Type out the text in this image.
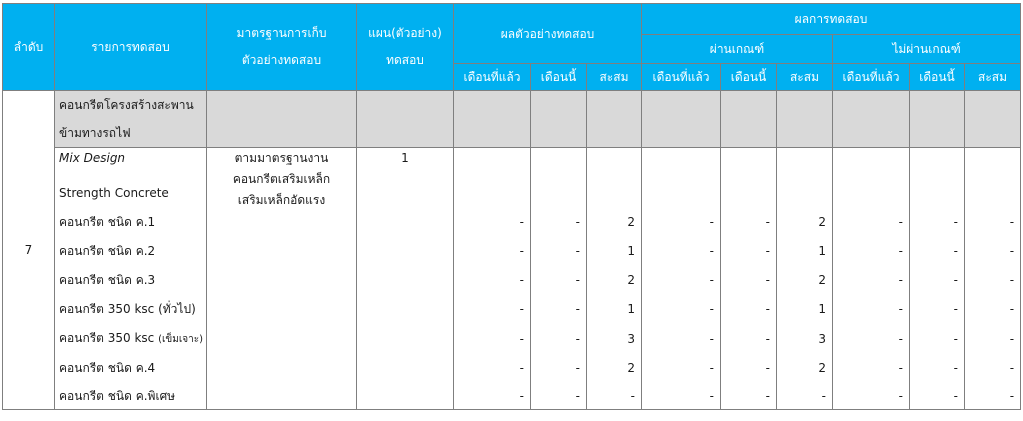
ลำดับ	รายการทดสอบ	มาตรฐานการเก็บ
ตัวอย่างทดสอบ	แผน(ตัวอย่าง)
ทดสอบ	ผลตัวอย่างทดสอบ			ผลการทดสอบ					
							ผ่านเกณฑ์			ไม่ผ่านเกณฑ์		
				เดือนที่แล้ว	เดือนนี้	สะสม	เดือนที่แล้ว	เดือนนี้	สะสม	เดือนที่แล้ว	เดือนนี้	สะสม
7	คอนกรีตโครงสร้างสะพาน
ข้ามทางรถไฟ											
	Mix Design	ตามมาตรฐานงาน
คอนกรีตเสริมเหล็ก
เสริมเหล็กอัดแรง	1									

	Strength Concrete											
	คอนกรีต ชนิด ค.1			-	-	2	-	-	2	-	-	-
	คอนกรีต ชนิด ค.2			-	-	1	-	-	1	-	-	-
	คอนกรีต ชนิด ค.3			-	-	2	-	-	2	-	-	-
	คอนกรีต 350 ksc (ทั่วไป)			-	-	1	-	-	1	-	-	-
	คอนกรีต 350 ksc (เข็มเจาะ)			-	-	3	-	-	3	-	-	-
	คอนกรีต ชนิด ค.4			-	-	2	-	-	2	-	-	-
	คอนกรีต ชนิด ค.พิเศษ			-	-	-	-	-	-	-	-	-
